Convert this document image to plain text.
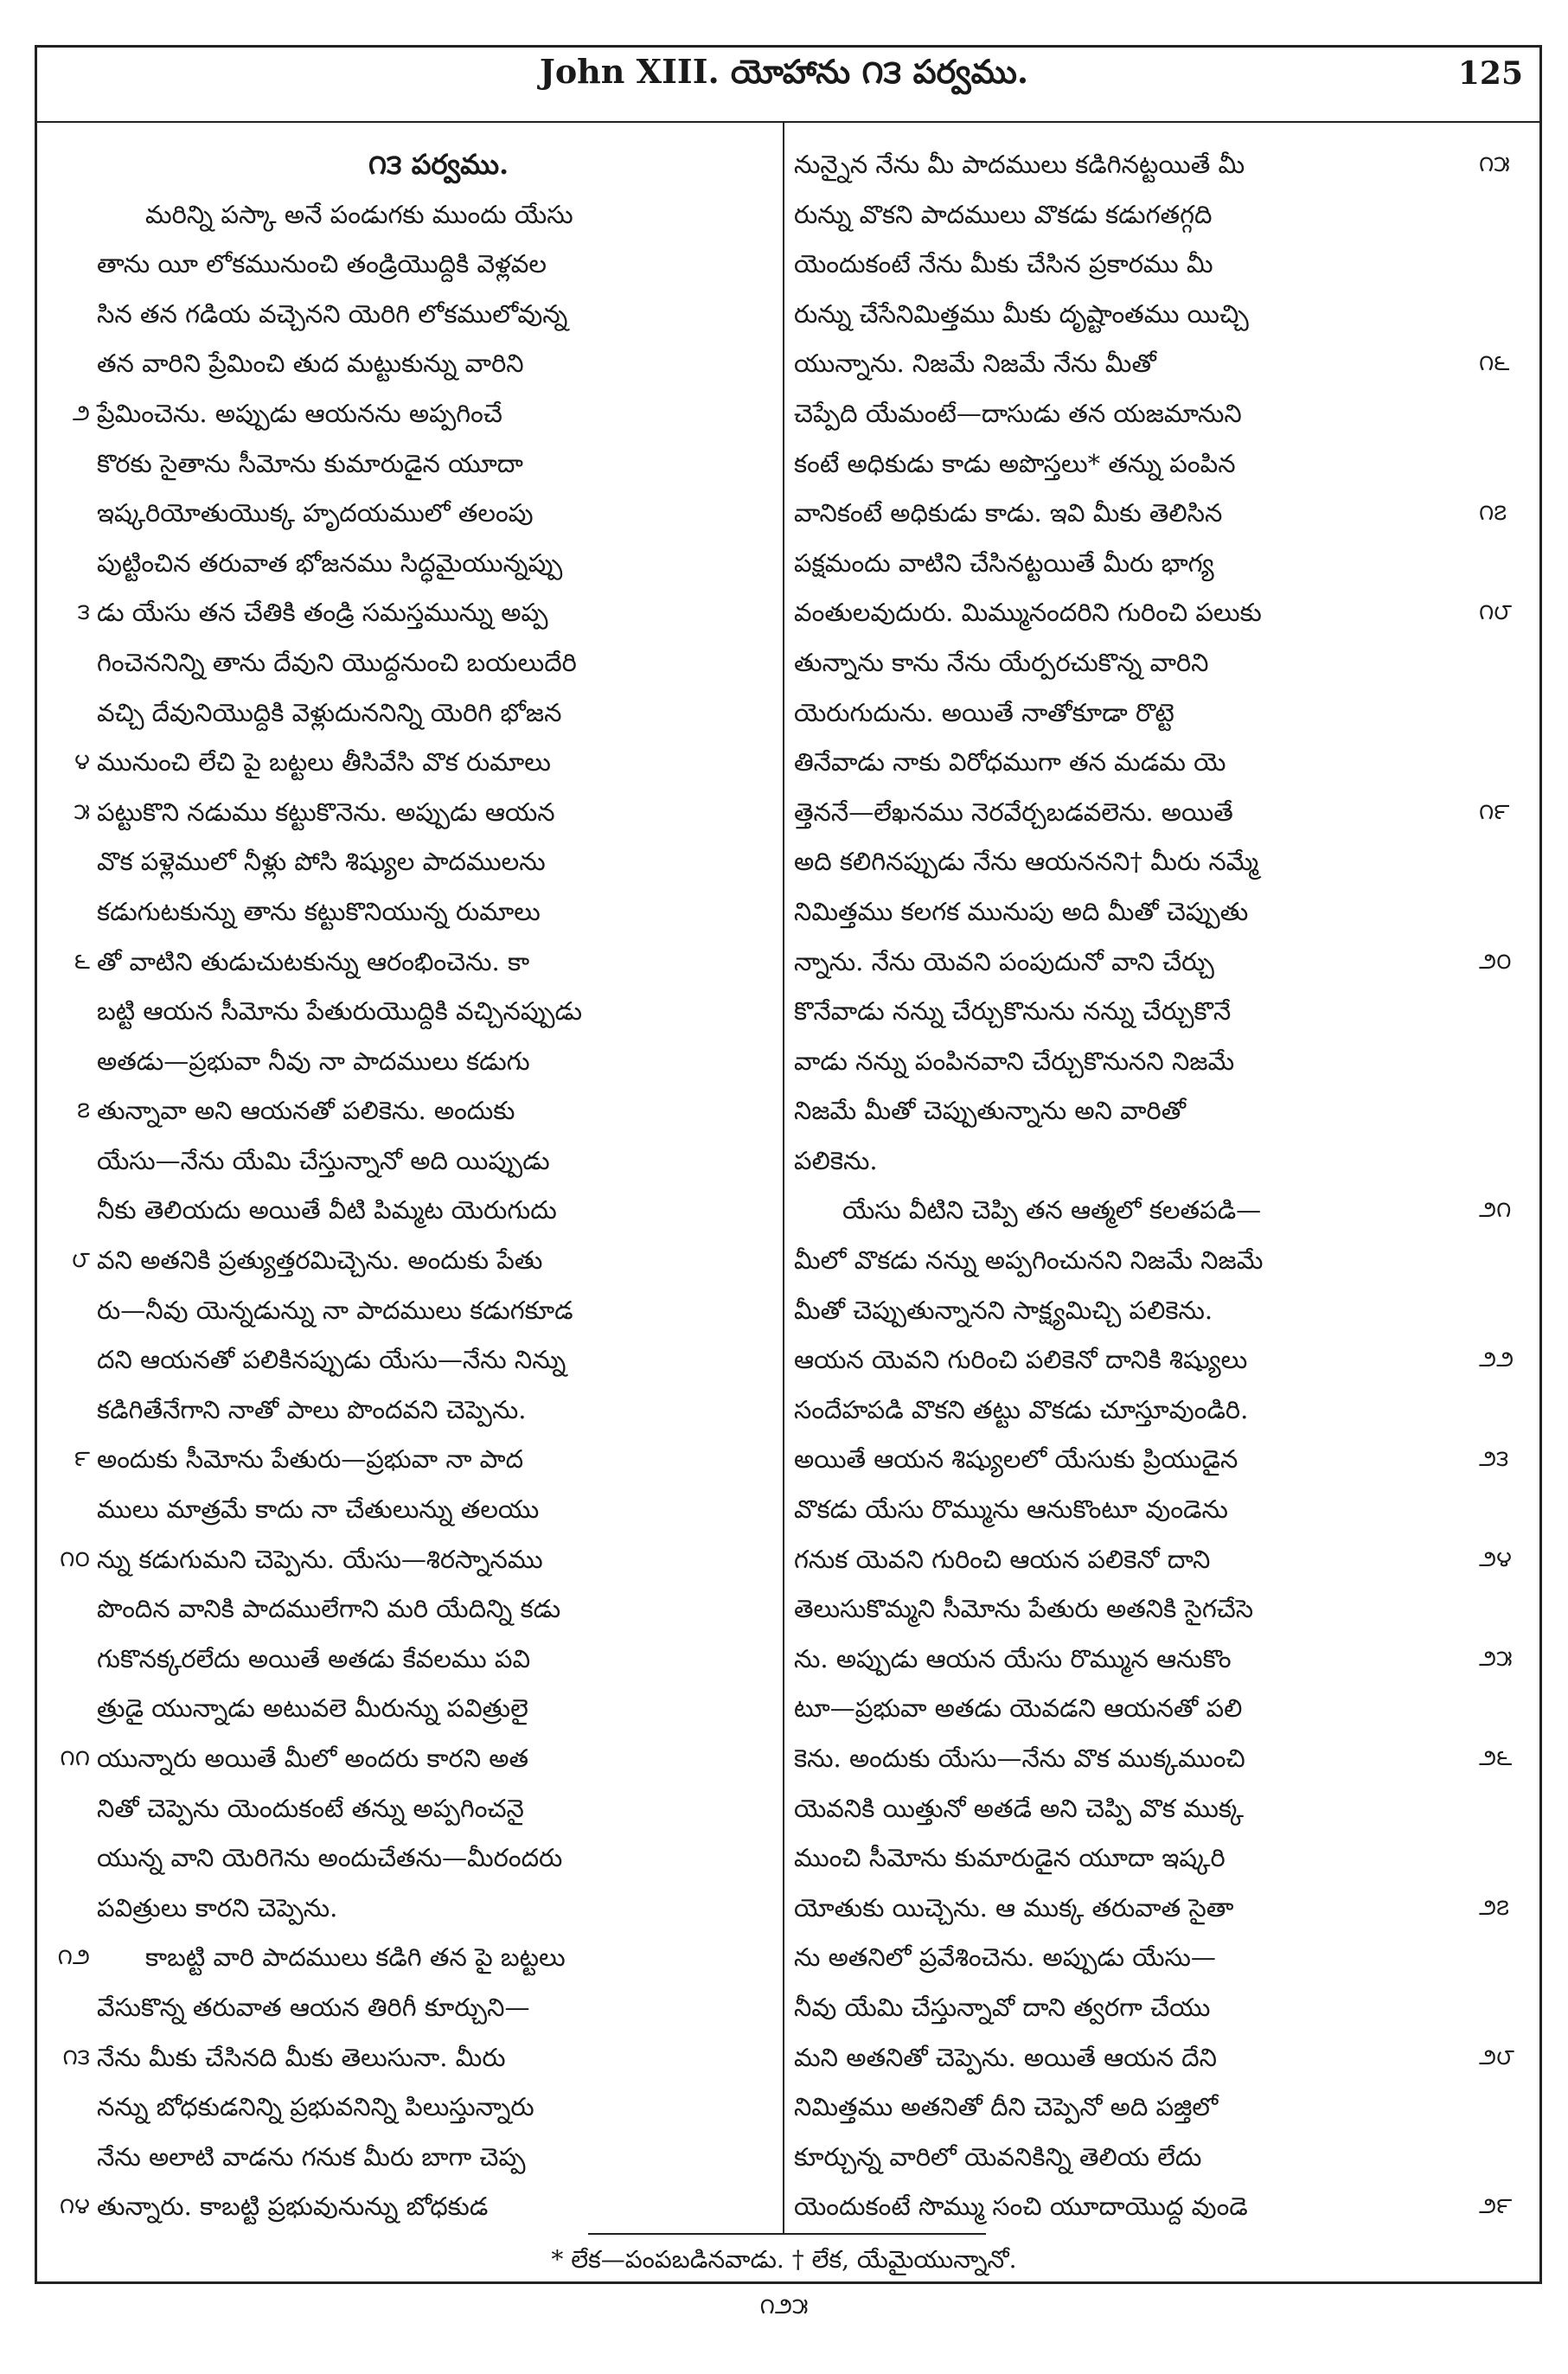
John XIII. యోహాను ౧౩ పర్వము.	125
౧౩ పర్వము.
మరిన్ని పస్కా అనే పండుగకు ముందు యేసు
తాను యీ లోకమునుంచి తండ్రియొద్దికి వెళ్లవల
సిన తన గడియ వచ్చెనని యెరిగి లోకములోవున్న
తన వారిని ప్రేమించి తుద మట్టుకున్ను వారిని
౨ ప్రేమించెను. అప్పుడు ఆయనను అప్పగించే
కొరకు సైతాను సీమోను కుమారుడైన యూదా
ఇష్కరియోతుయొక్క హృదయములో తలంపు
పుట్టించిన తరువాత భోజనము సిద్ధమైయున్నప్పు
౩ డు యేసు తన చేతికి తండ్రి సమస్తమున్ను అప్ప
గించెననిన్ని తాను దేవుని యొద్దనుంచి బయలుదేరి
వచ్చి దేవునియొద్దికి వెళ్లుదుననిన్ని యెరిగి భోజన
౪ మునుంచి లేచి పై బట్టలు తీసివేసి వొక రుమాలు
౫ పట్టుకొని నడుము కట్టుకొనెను. అప్పుడు ఆయన
వొక పళ్లెములో నీళ్లు పోసి శిష్యుల పాదములను
కడుగుటకున్ను తాను కట్టుకొనియున్న రుమాలు
౬ తో వాటిని తుడుచుటకున్ను ఆరంభించెను. కా
బట్టి ఆయన సీమోను పేతురుయొద్దికి వచ్చినప్పుడు
అతడు—ప్రభువా నీవు నా పాదములు కడుగు
౭ తున్నావా అని ఆయనతో పలికెను. అందుకు
యేసు—నేను యేమి చేస్తున్నానో అది యిప్పుడు
నీకు తెలియదు అయితే వీటి పిమ్మట యెరుగుదు
౮ వని అతనికి ప్రత్యుత్తరమిచ్చెను. అందుకు పేతు
రు—నీవు యెన్నడున్ను నా పాదములు కడుగకూడ
దని ఆయనతో పలికినప్పుడు యేసు—నేను నిన్ను
కడిగితేనేగాని నాతో పాలు పొందవని చెప్పెను.
౯ అందుకు సీమోను పేతురు—ప్రభువా నా పాద
ములు మాత్రమే కాదు నా చేతులున్ను తలయు
౧౦ న్ను కడుగుమని చెప్పెను. యేసు—శిరస్నానము
పొందిన వానికి పాదములేగాని మరి యేదిన్ని కడు
గుకొనక్కరలేదు అయితే అతడు కేవలము పవి
త్రుడై యున్నాడు అటువలె మీరున్ను పవిత్రులై
౧౧ యున్నారు అయితే మీలో అందరు కారని అత
నితో చెప్పెను యెందుకంటే తన్ను అప్పగించనై
యున్న వాని యెరిగెను అందుచేతను—మీరందరు
పవిత్రులు కారని చెప్పెను.
౧౨ కాబట్టి వారి పాదములు కడిగి తన పై బట్టలు
వేసుకొన్న తరువాత ఆయన తిరిగీ కూర్చుని—
౧౩ నేను మీకు చేసినది మీకు తెలుసునా. మీరు
నన్ను బోధకుడనిన్ని ప్రభువనిన్ని పిలుస్తున్నారు
నేను అలాటి వాడను గనుక మీరు బాగా చెప్ప
౧౪ తున్నారు. కాబట్టి ప్రభువునున్ను బోధకుడ
౧౫
నున్నైన నేను మీ పాదములు కడిగినట్టయితే మీ
రున్ను వొకని పాదములు వొకడు కడుగతగ్గది
యెందుకంటే నేను మీకు చేసిన ప్రకారము మీ
రున్ను చేసేనిమిత్తము మీకు దృష్టాంతము యిచ్చి
౧౬
యున్నాను. నిజమే నిజమే నేను మీతో
చెప్పేది యేమంటే—దాసుడు తన యజమానుని
కంటే అధికుడు కాడు అపొస్తలు* తన్ను పంపిన
౧౭
వానికంటే అధికుడు కాడు. ఇవి మీకు తెలిసిన
పక్షమందు వాటిని చేసినట్టయితే మీరు భాగ్య
౧౮
వంతులవుదురు. మిమ్మునందరిని గురించి పలుకు
తున్నాను కాను నేను యేర్పరచుకొన్న వారిని
యెరుగుదును. అయితే నాతోకూడా రొట్టె
తినేవాడు నాకు విరోధముగా తన మడమ యె
౧౯
త్తెననే—లేఖనము నెరవేర్చబడవలెను. అయితే
అది కలిగినప్పుడు నేను ఆయననని† మీరు నమ్మే
నిమిత్తము కలగక మునుపు అది మీతో చెప్పుతు
౨౦
న్నాను. నేను యెవని పంపుదునో వాని చేర్చు
కొనేవాడు నన్ను చేర్చుకొనును నన్ను చేర్చుకొనే
వాడు నన్ను పంపినవాని చేర్చుకొనునని నిజమే
నిజమే మీతో చెప్పుతున్నాను అని వారితో
పలికెను.
౨౧
యేసు వీటిని చెప్పి తన ఆత్మలో కలతపడి—
మీలో వొకడు నన్ను అప్పగించునని నిజమే నిజమే
మీతో చెప్పుతున్నానని సాక్ష్యమిచ్చి పలికెను.
౨౨
ఆయన యెవని గురించి పలికెనో దానికి శిష్యులు
సందేహపడి వొకని తట్టు వొకడు చూస్తూవుండిరి.
౨౩
అయితే ఆయన శిష్యులలో యేసుకు ప్రియుడైన
వొకడు యేసు రొమ్మును ఆనుకొంటూ వుండెను
౨౪
గనుక యెవని గురించి ఆయన పలికెనో దాని
తెలుసుకొమ్మని సీమోను పేతురు అతనికి సైగచేసె
౨౫
ను. అప్పుడు ఆయన యేసు రొమ్మున ఆనుకొం
టూ—ప్రభువా అతడు యెవడని ఆయనతో పలి
౨౬
కెను. అందుకు యేసు—నేను వొక ముక్కముంచి
యెవనికి యిత్తునో అతడే అని చెప్పి వొక ముక్క
ముంచి సీమోను కుమారుడైన యూదా ఇష్కరి
౨౭
యోతుకు యిచ్చెను. ఆ ముక్క తరువాత సైతా
ను అతనిలో ప్రవేశించెను. అప్పుడు యేసు—
నీవు యేమి చేస్తున్నావో దాని త్వరగా చేయు
౨౮
మని అతనితో చెప్పెను. అయితే ఆయన దేని
నిమిత్తము అతనితో దీని చెప్పెనో అది పజ్తిలో
కూర్చున్న వారిలో యెవనికిన్ని తెలియ లేదు
౨౯
యెందుకంటే సొమ్ము సంచి యూదాయొద్ద వుండె
* లేక—పంపబడినవాడు. † లేక, యేమైయున్నానో.
౧౨౫
